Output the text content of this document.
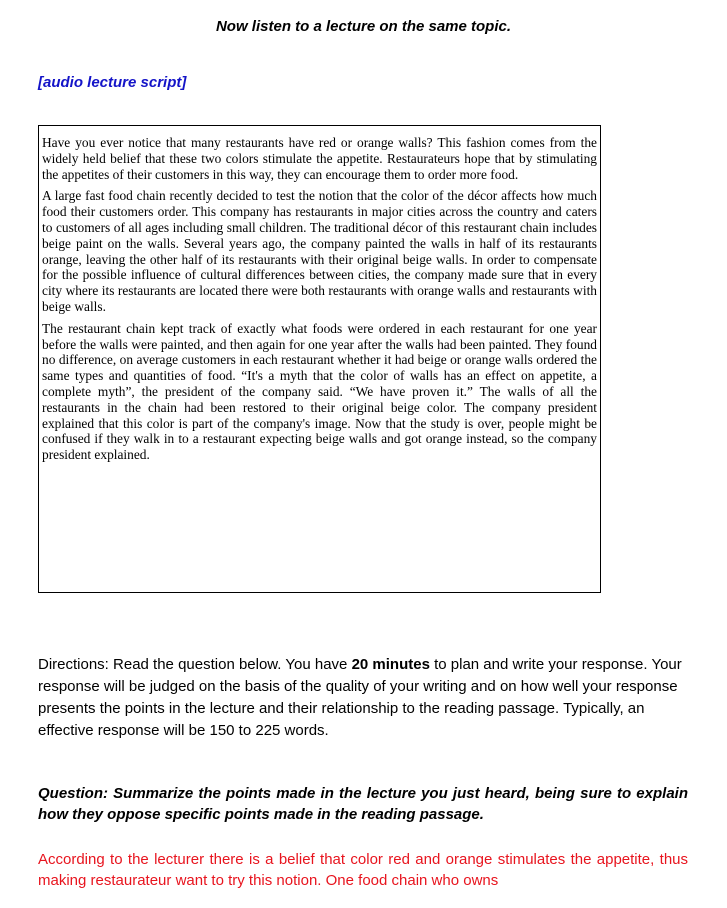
Now listen to a lecture on the same topic.
[audio lecture script]

Have you ever notice that many restaurants have red or orange walls? This fashion comes from the widely held belief that these two colors stimulate the appetite. Restaurateurs hope that by stimulating the appetites of their customers in this way, they can encourage them to order more food.

A large fast food chain recently decided to test the notion that the color of the décor affects how much food their customers order. This company has restaurants in major cities across the country and caters to customers of all ages including small children. The traditional décor of this restaurant chain includes beige paint on the walls. Several years ago, the company painted the walls in half of its restaurants orange, leaving the other half of its restaurants with their original beige walls. In order to compensate for the possible influence of cultural differences between cities, the company made sure that in every city where its restaurants are located there were both restaurants with orange walls and restaurants with beige walls.

The restaurant chain kept track of exactly what foods were ordered in each restaurant for one year before the walls were painted, and then again for one year after the walls had been painted. They found no difference, on average customers in each restaurant whether it had beige or orange walls ordered the same types and quantities of food. “It's a myth that the color of walls has an effect on appetite, a complete myth”, the president of the company said. “We have proven it.” The walls of all the restaurants in the chain had been restored to their original beige color. The company president explained that this color is part of the company's image. Now that the study is over, people might be confused if they walk in to a restaurant expecting beige walls and got orange instead, so the company president explained.

Directions: Read the question below. You have 20 minutes to plan and write your response. Your response will be judged on the basis of the quality of your writing and on how well your response presents the points in the lecture and their relationship to the reading passage. Typically, an effective response will be 150 to 225 words.
Question: Summarize the points made in the lecture you just heard, being sure to explain how they oppose specific points made in the reading passage.
According to the lecturer there is a belief that color red and orange stimulates the appetite, thus making restaurateur want to try this notion. One food chain who owns
